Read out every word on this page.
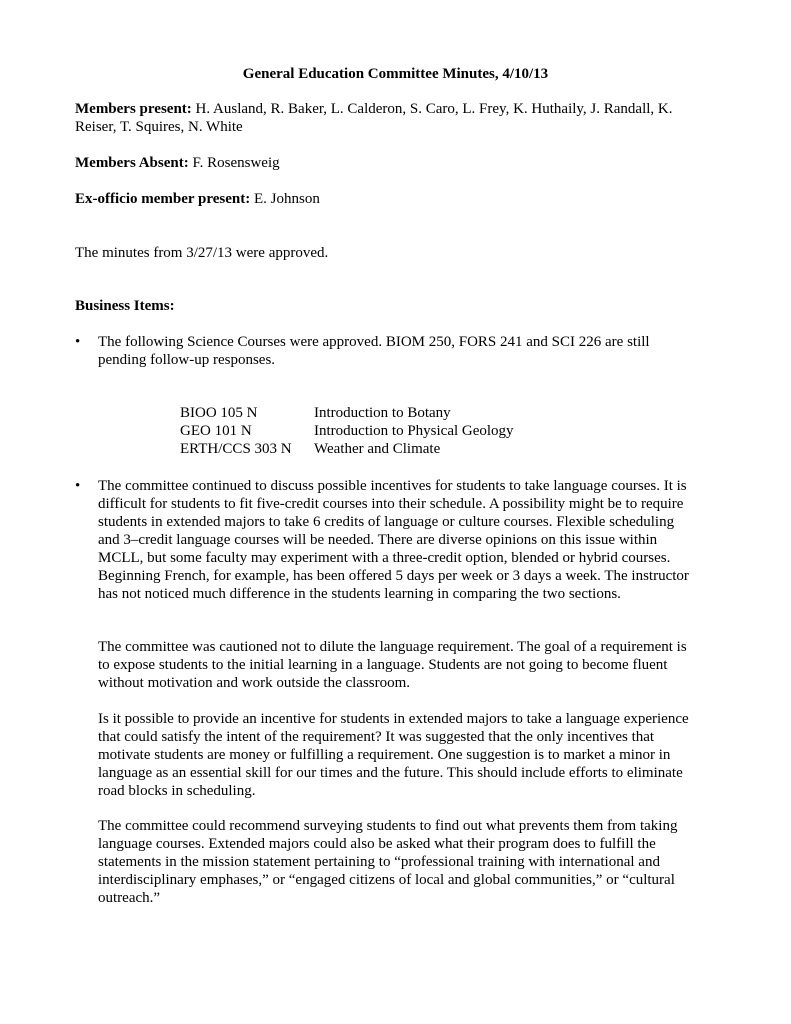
General Education Committee Minutes, 4/10/13
Members present: H. Ausland, R. Baker, L. Calderon, S. Caro, L. Frey, K. Huthaily, J. Randall, K. Reiser, T. Squires, N. White
Members Absent: F. Rosensweig
Ex-officio member present: E. Johnson
The minutes from 3/27/13 were approved.
Business Items:
• The following Science Courses were approved. BIOM 250, FORS 241 and SCI 226 are still pending follow-up responses.
BIOO 105 N	Introduction to Botany
GEO 101 N	Introduction to Physical Geology
ERTH/CCS 303 N	Weather and Climate
• The committee continued to discuss possible incentives for students to take language courses. It is difficult for students to fit five-credit courses into their schedule. A possibility might be to require students in extended majors to take 6 credits of language or culture courses. Flexible scheduling and 3–credit language courses will be needed. There are diverse opinions on this issue within MCLL, but some faculty may experiment with a three-credit option, blended or hybrid courses. Beginning French, for example, has been offered 5 days per week or 3 days a week. The instructor has not noticed much difference in the students learning in comparing the two sections.

The committee was cautioned not to dilute the language requirement. The goal of a requirement is to expose students to the initial learning in a language. Students are not going to become fluent without motivation and work outside the classroom.

Is it possible to provide an incentive for students in extended majors to take a language experience that could satisfy the intent of the requirement? It was suggested that the only incentives that motivate students are money or fulfilling a requirement. One suggestion is to market a minor in language as an essential skill for our times and the future. This should include efforts to eliminate road blocks in scheduling.

The committee could recommend surveying students to find out what prevents them from taking language courses. Extended majors could also be asked what their program does to fulfill the statements in the mission statement pertaining to “professional training with international and interdisciplinary emphases,” or “engaged citizens of local and global communities,” or “cultural outreach.”
